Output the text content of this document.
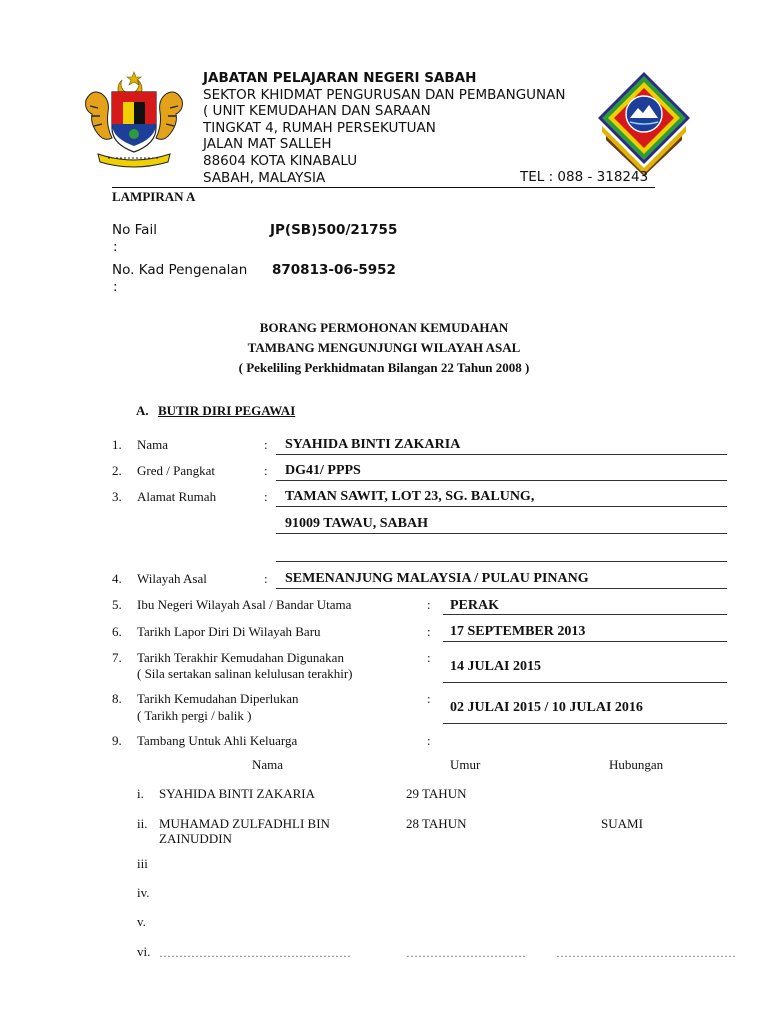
JABATAN PELAJARAN NEGERI SABAH
SEKTOR KHIDMAT PENGURUSAN DAN PEMBANGUNAN
( UNIT KEMUDAHAN DAN SARAAN
TINGKAT 4, RUMAH PERSEKUTUAN
JALAN MAT SALLEH
88604 KOTA KINABALU
SABAH, MALAYSIA	TEL : 088 - 318243
LAMPIRAN A
No Fail
:
JP(SB)500/21755
No. Kad Pengenalan
:
870813-06-5952
BORANG PERMOHONAN KEMUDAHAN
TAMBANG MENGUNJUNGI WILAYAH ASAL
( Pekeliling Perkhidmatan Bilangan 22 Tahun 2008 )
A. BUTIR DIRI PEGAWAI
1. Nama	: SYAHIDA BINTI ZAKARIA
2. Gred / Pangkat	: DG41/ PPPS
3. Alamat Rumah	: TAMAN SAWIT, LOT 23, SG. BALUNG,
91009 TAWAU, SABAH
4. Wilayah Asal	: SEMENANJUNG MALAYSIA / PULAU PINANG
5. Ibu Negeri Wilayah Asal / Bandar Utama	: PERAK
6. Tarikh Lapor Diri Di Wilayah Baru	: 17 SEPTEMBER 2013
7. Tarikh Terakhir Kemudahan Digunakan
( Sila sertakan salinan kelulusan terakhir)
:
14 JULAI 2015
8. Tarikh Kemudahan Diperlukan
( Tarikh pergi / balik )
:
02 JULAI 2015 / 10 JULAI 2016
9. Tambang Untuk Ahli Keluarga	:
Nama	Umur	Hubungan
i. SYAHIDA BINTI ZAKARIA	29 TAHUN
ii. MUHAMAD ZULFADHLI BIN
ZAINUDDIN
28 TAHUN	SUAMI
iii
iv.
v.
vi. …………………………………………	…………………………	………………………………………
